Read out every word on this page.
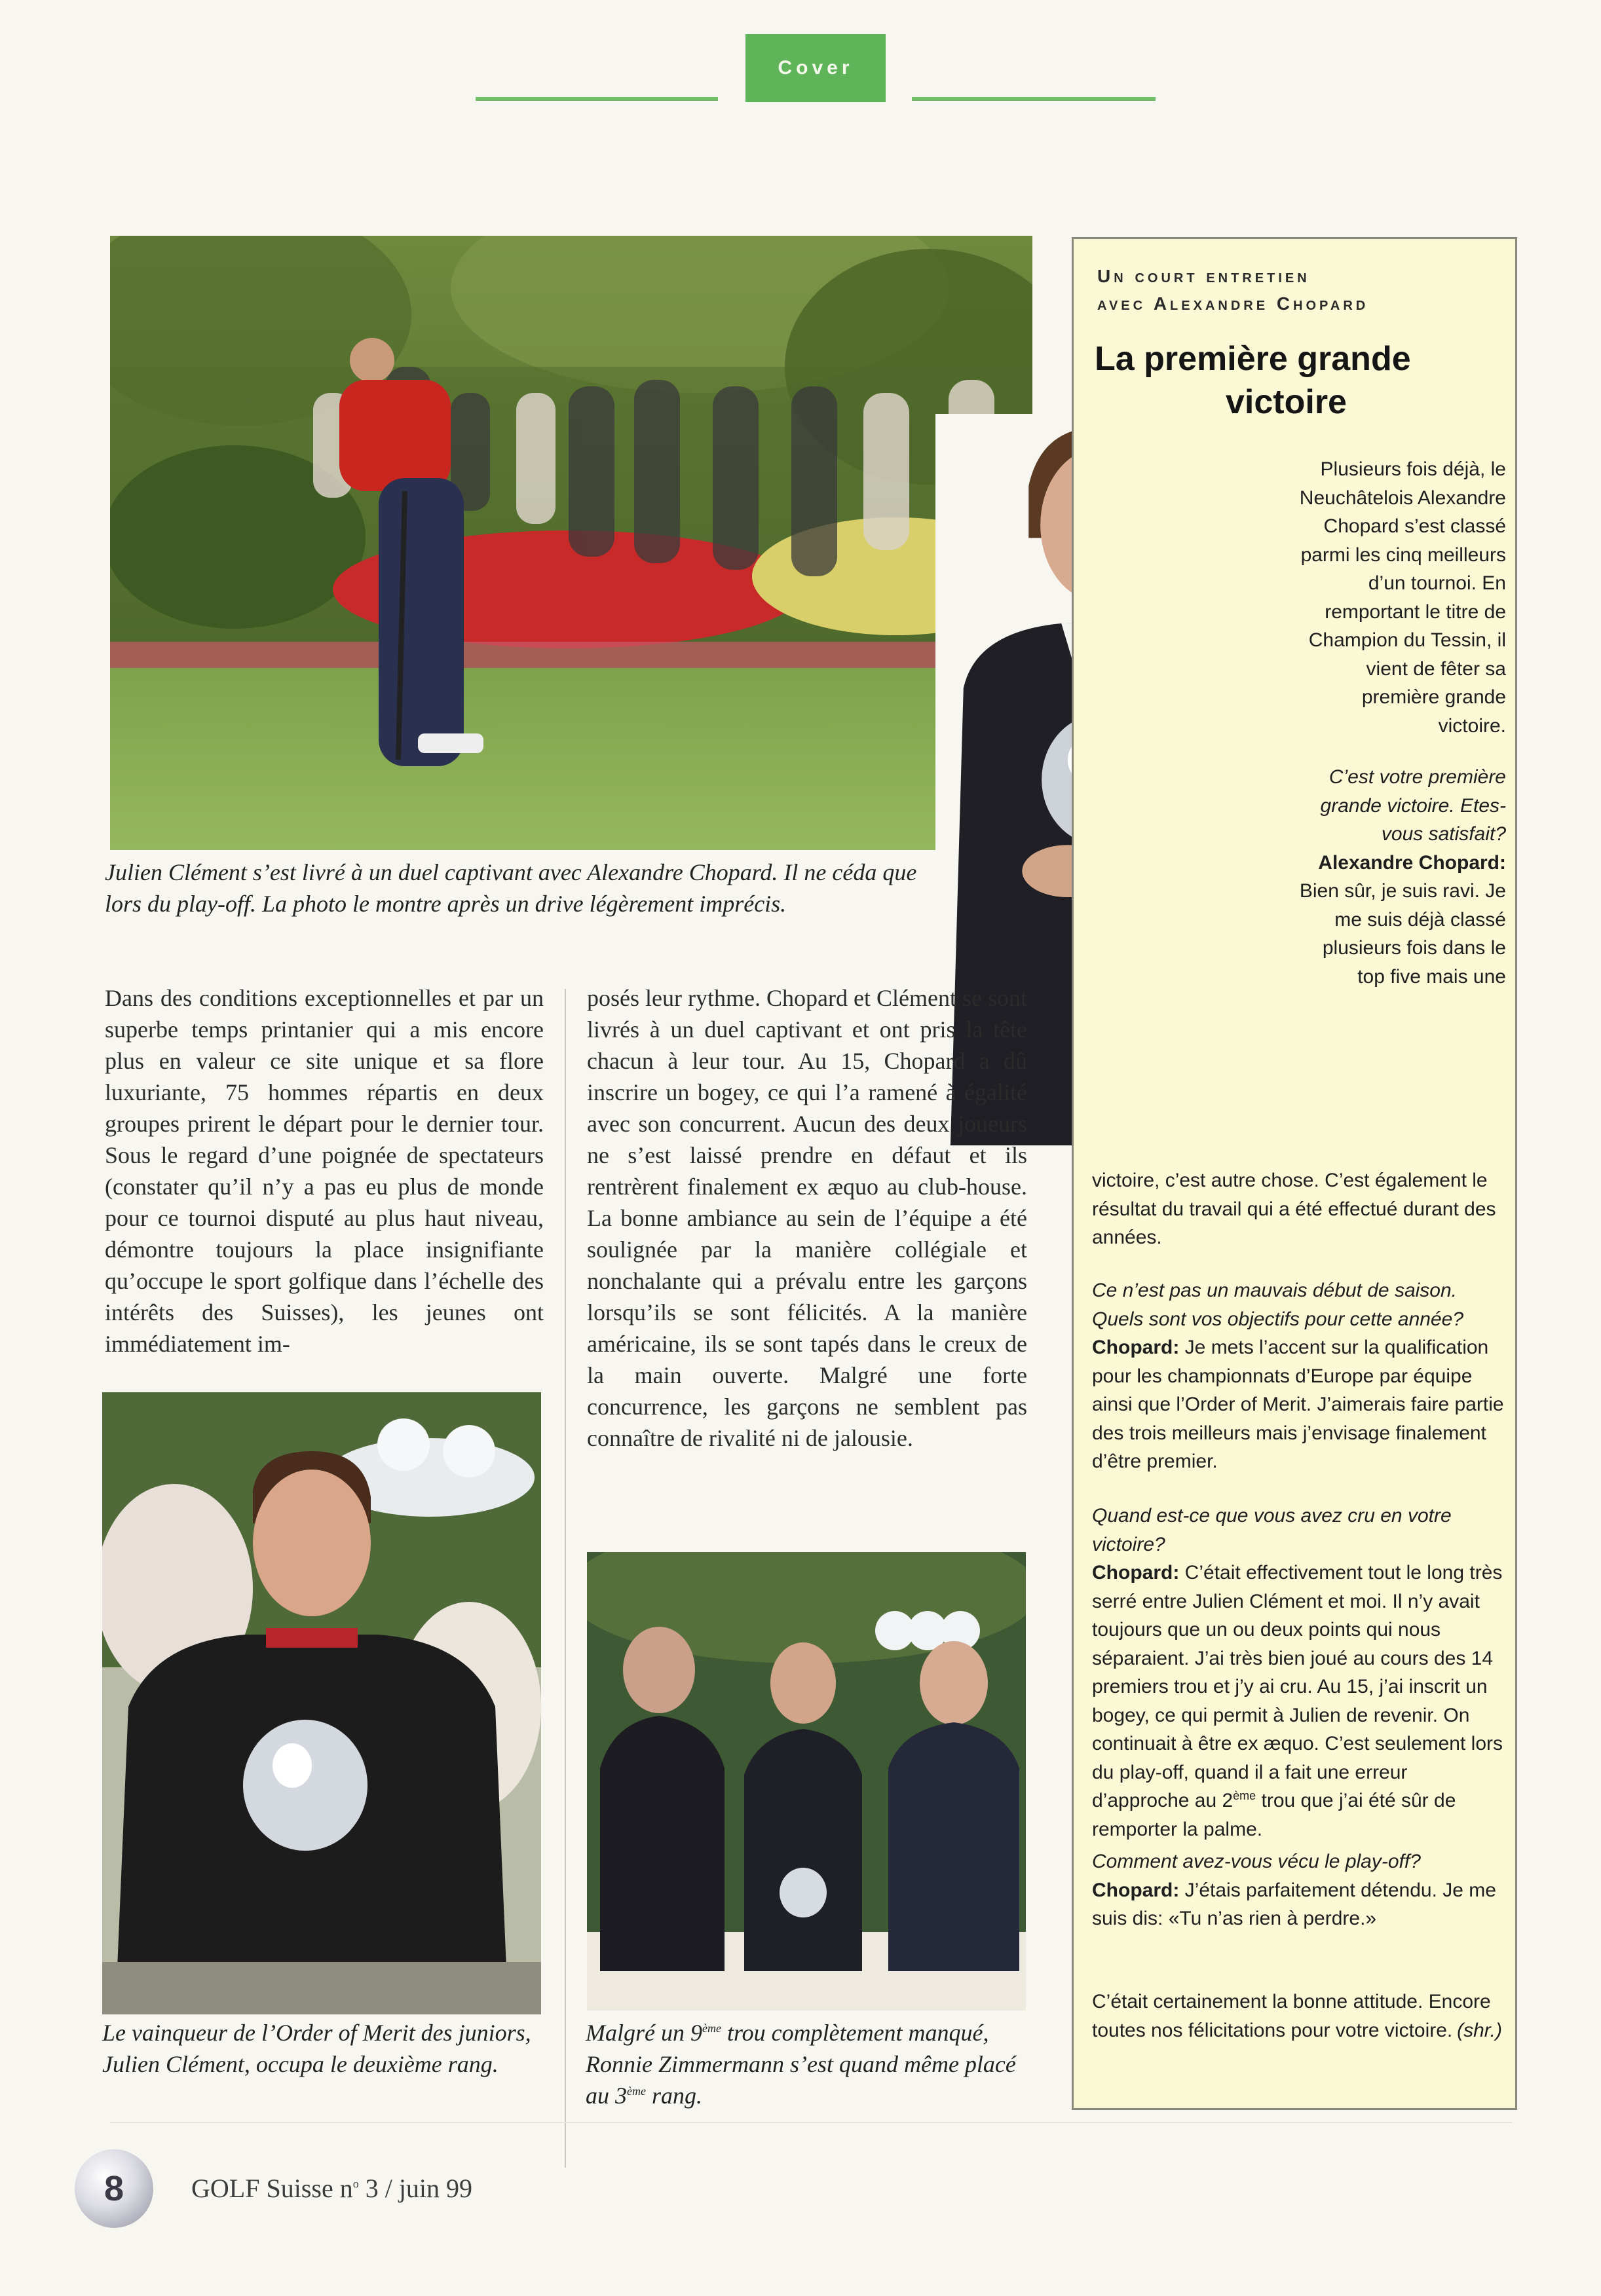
Cover

Julien Clément s’est livré à un duel captivant avec Alexandre Chopard. Il ne céda que lors du play-off. La photo le montre après un drive légèrement imprécis.

Le vainqueur de l’Order of Merit des juniors, Julien Clément, occupa le deuxième rang.

Malgré un 9ème trou complètement manqué, Ronnie Zimmermann s’est quand même placé au 3ème rang.

Dans des conditions exceptionnelles et par un superbe temps printanier qui a mis encore plus en valeur ce site unique et sa flore luxuriante, 75 hommes répartis en deux groupes prirent le départ pour le dernier tour. Sous le regard d’une poignée de spectateurs (constater qu’il n’y a pas eu plus de monde pour ce tournoi disputé au plus haut niveau, démontre toujours la place insignifiante qu’occupe le sport golfique dans l’échelle des intérêts des Suisses), les jeunes ont immédiatement im-

posés leur rythme. Chopard et Clément se sont livrés à un duel captivant et ont pris la tête chacun à leur tour. Au 15, Chopard a dû inscrire un bogey, ce qui l’a ramené à égalité avec son concurrent. Aucun des deux joueurs ne s’est laissé prendre en défaut et ils rentrèrent finalement ex æquo au club-house. La bonne ambiance au sein de l’équipe a été soulignée par la manière collégiale et nonchalante qui a prévalu entre les garçons lorsqu’ils se sont félicités. A la manière américaine, ils se sont tapés dans le creux de la main ouverte. Malgré une forte concurrence, les garçons ne semblent pas connaître de rivalité ni de jalousie.

Un court entretien
avec Alexandre Chopard
La première grande
victoire

Plusieurs fois déjà, le Neuchâtelois Alexandre Chopard s’est classé parmi les cinq meilleurs d’un tournoi. En remportant le titre de Champion du Tessin, il vient de fêter sa première grande victoire.

C’est votre première grande victoire. Etes-vous satisfait?
Alexandre Chopard: Bien sûr, je suis ravi. Je me suis déjà classé plusieurs fois dans le top five mais une

victoire, c’est autre chose. C’est également le résultat du travail qui a été effectué durant des années.

Ce n’est pas un mauvais début de saison. Quels sont vos objectifs pour cette année?
Chopard: Je mets l’accent sur la qualification pour les championnats d’Europe par équipe ainsi que l’Order of Merit. J’aimerais faire partie des trois meilleurs mais j’envisage finalement d’être premier.

Quand est-ce que vous avez cru en votre victoire?
Chopard: C’était effectivement tout le long très serré entre Julien Clément et moi. Il n’y avait toujours que un ou deux points qui nous séparaient. J’ai très bien joué au cours des 14 premiers trou et j’y ai cru. Au 15, j’ai inscrit un bogey, ce qui permit à Julien de revenir. On continuait à être ex æquo. C’est seulement lors du play-off, quand il a fait une erreur d’approche au 2ème trou que j’ai été sûr de remporter la palme.

Comment avez-vous vécu le play-off?
Chopard: J’étais parfaitement détendu. Je me suis dis: «Tu n’as rien à perdre.»

C’était certainement la bonne attitude. Encore toutes nos félicitations pour votre victoire. (shr.)

8	GOLF Suisse $n^o$ 3 / juin 99
